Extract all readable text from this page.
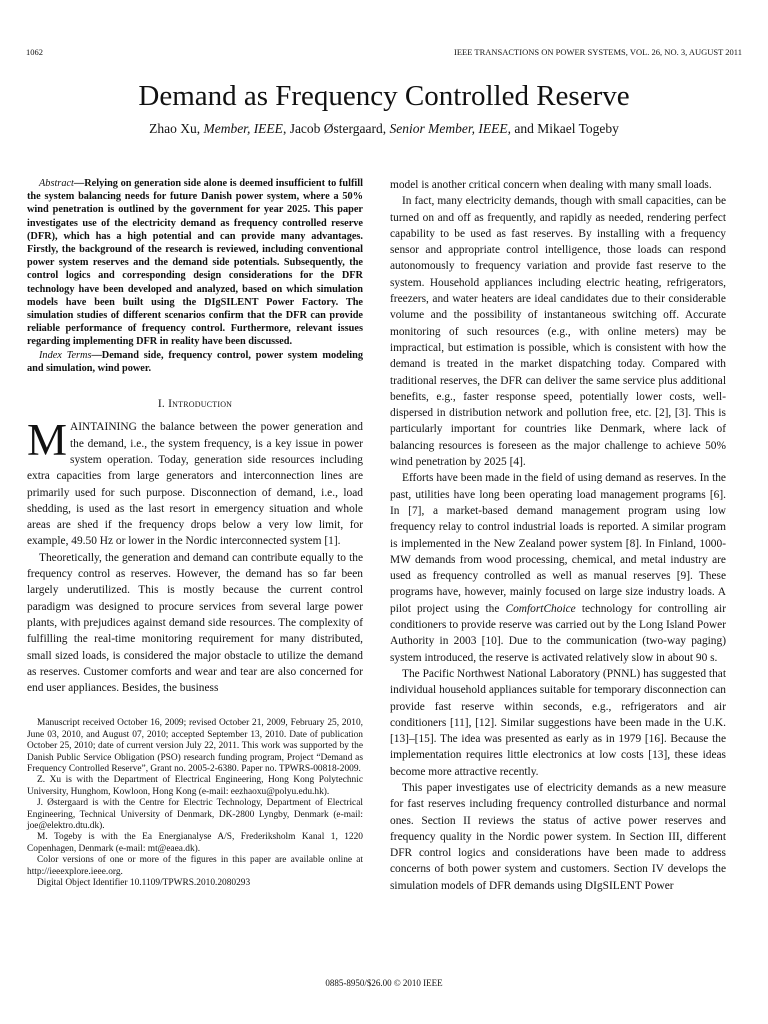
1062	IEEE TRANSACTIONS ON POWER SYSTEMS, VOL. 26, NO. 3, AUGUST 2011
Demand as Frequency Controlled Reserve
Zhao Xu, Member, IEEE, Jacob Østergaard, Senior Member, IEEE, and Mikael Togeby

Abstract—Relying on generation side alone is deemed insufficient to fulfill the system balancing needs for future Danish power system, where a 50% wind penetration is outlined by the government for year 2025. This paper investigates use of the electricity demand as frequency controlled reserve (DFR), which has a high potential and can provide many advantages. Firstly, the background of the research is reviewed, including conventional power system reserves and the demand side potentials. Subsequently, the control logics and corresponding design considerations for the DFR technology have been developed and analyzed, based on which simulation models have been built using the DIgSILENT Power Factory. The simulation studies of different scenarios confirm that the DFR can provide reliable performance of frequency control. Furthermore, relevant issues regarding implementing DFR in reality have been discussed.

Index Terms—Demand side, frequency control, power system modeling and simulation, wind power.

I. Introduction

MAINTAINING the balance between the power generation and the demand, i.e., the system frequency, is a key issue in power system operation. Today, generation side resources including extra capacities from large generators and interconnection lines are primarily used for such purpose. Disconnection of demand, i.e., load shedding, is used as the last resort in emergency situation and whole areas are shed if the frequency drops below a very low limit, for example, 49.50 Hz or lower in the Nordic interconnected system [1].

Theoretically, the generation and demand can contribute equally to the frequency control as reserves. However, the demand has so far been largely underutilized. This is mostly because the current control paradigm was designed to procure services from several large power plants, with prejudices against demand side resources. The complexity of fulfilling the real-time monitoring requirement for many distributed, small sized loads, is considered the major obstacle to utilize the demand as reserves. Customer comforts and wear and tear are also concerned for end user appliances. Besides, the business

Manuscript received October 16, 2009; revised October 21, 2009, February 25, 2010, June 03, 2010, and August 07, 2010; accepted September 13, 2010. Date of publication October 25, 2010; date of current version July 22, 2011. This work was supported by the Danish Public Service Obligation (PSO) research funding program, Project “Demand as Frequency Controlled Reserve”, Grant no. 2005-2-6380. Paper no. TPWRS-00818-2009.

Z. Xu is with the Department of Electrical Engineering, Hong Kong Polytechnic University, Hunghom, Kowloon, Hong Kong (e-mail: eezhaoxu@polyu.edu.hk).

J. Østergaard is with the Centre for Electric Technology, Department of Electrical Engineering, Technical University of Denmark, DK-2800 Lyngby, Denmark (e-mail: joe@elektro.dtu.dk).

M. Togeby is with the Ea Energianalyse A/S, Frederiksholm Kanal 1, 1220 Copenhagen, Denmark (e-mail: mt@eaea.dk).

Color versions of one or more of the figures in this paper are available online at http://ieeexplore.ieee.org.

Digital Object Identifier 10.1109/TPWRS.2010.2080293

model is another critical concern when dealing with many small loads.

In fact, many electricity demands, though with small capacities, can be turned on and off as frequently, and rapidly as needed, rendering perfect capability to be used as fast reserves. By installing with a frequency sensor and appropriate control intelligence, those loads can respond autonomously to frequency variation and provide fast reserve to the system. Household appliances including electric heating, refrigerators, freezers, and water heaters are ideal candidates due to their considerable volume and the possibility of instantaneous switching off. Accurate monitoring of such resources (e.g., with online meters) may be impractical, but estimation is possible, which is consistent with how the demand is treated in the market dispatching today. Compared with traditional reserves, the DFR can deliver the same service plus additional benefits, e.g., faster response speed, potentially lower costs, well-dispersed in distribution network and pollution free, etc. [2], [3]. This is particularly important for countries like Denmark, where lack of balancing resources is foreseen as the major challenge to achieve 50% wind penetration by 2025 [4].

Efforts have been made in the field of using demand as reserves. In the past, utilities have long been operating load management programs [6]. In [7], a market-based demand management program using low frequency relay to control industrial loads is reported. A similar program is implemented in the New Zealand power system [8]. In Finland, 1000-MW demands from wood processing, chemical, and metal industry are used as frequency controlled as well as manual reserves [9]. These programs have, however, mainly focused on large size industry loads. A pilot project using the ComfortChoice technology for controlling air conditioners to provide reserve was carried out by the Long Island Power Authority in 2003 [10]. Due to the communication (two-way paging) system introduced, the reserve is activated relatively slow in about 90 s.

The Pacific Northwest National Laboratory (PNNL) has suggested that individual household appliances suitable for temporary disconnection can provide fast reserve within seconds, e.g., refrigerators and air conditioners [11], [12]. Similar suggestions have been made in the U.K. [13]–[15]. The idea was presented as early as in 1979 [16]. Because the implementation requires little electronics at low costs [13], these ideas become more attractive recently.

This paper investigates use of electricity demands as a new measure for fast reserves including frequency controlled disturbance and normal ones. Section II reviews the status of active power reserves and frequency quality in the Nordic power system. In Section III, different DFR control logics and considerations have been made to address concerns of both power system and customers. Section IV develops the simulation models of DFR demands using DIgSILENT Power

0885-8950/$26.00 © 2010 IEEE
